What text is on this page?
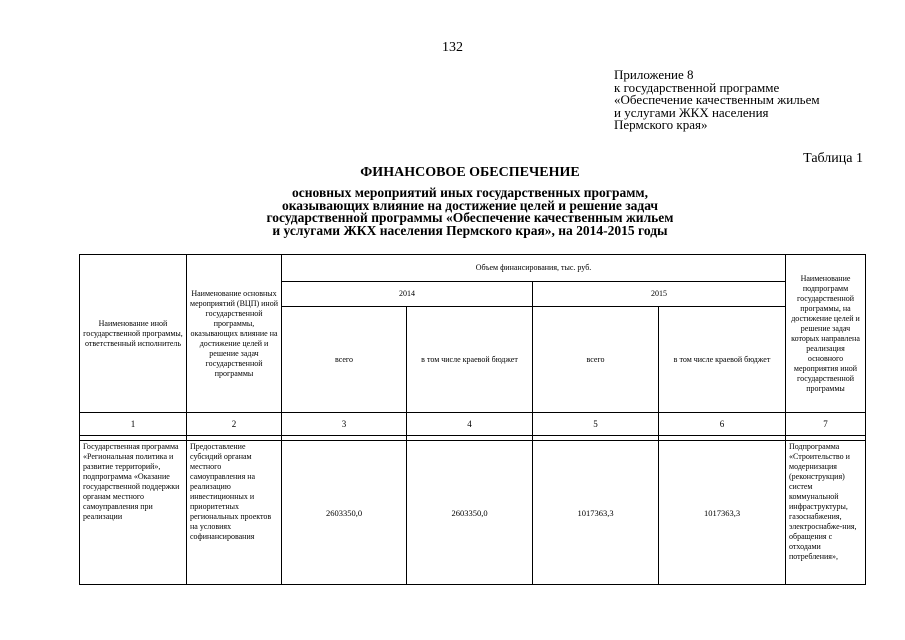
132
Приложение 8
к государственной программе
«Обеспечение качественным жильем
и услугами ЖКХ населения
Пермского края»
Таблица 1
ФИНАНСОВОЕ ОБЕСПЕЧЕНИЕ
основных мероприятий иных государственных программ,
оказывающих влияние на достижение целей и решение задач
государственной программы «Обеспечение качественным жильем
и услугами ЖКХ населения Пермского края», на 2014-2015 годы
Наименование иной государственной программы, ответственный исполнитель	Наименование основных мероприятий (ВЦП) иной государственной программы, оказывающих влияние на достижение целей и решение задач государственной программы	Объем финансирования, тыс. руб.				Наименование подпрограмм государственной программы, на достижение целей и решение задач которых направлена реализация основного мероприятия иной государственной программы
		2014		2015		
		всего	в том числе краевой бюджет	всего	в том числе краевой бюджет	
1	2	3	4	5	6	7

Государственная программа «Региональная политика и развитие территорий», подпрограмма «Оказание государственной поддержки органам местного самоуправления при реализации	Предоставление субсидий органам местного самоуправления на реализацию инвестиционных и приоритетных региональных проектов на условиях софинансирования	2603350,0	2603350,0	1017363,3	1017363,3	Подпрограмма «Строительство и модернизация (реконструкция) систем коммунальной инфраструктуры, газоснабжения, электроснабже-ния, обращения с отходами потребления»,
